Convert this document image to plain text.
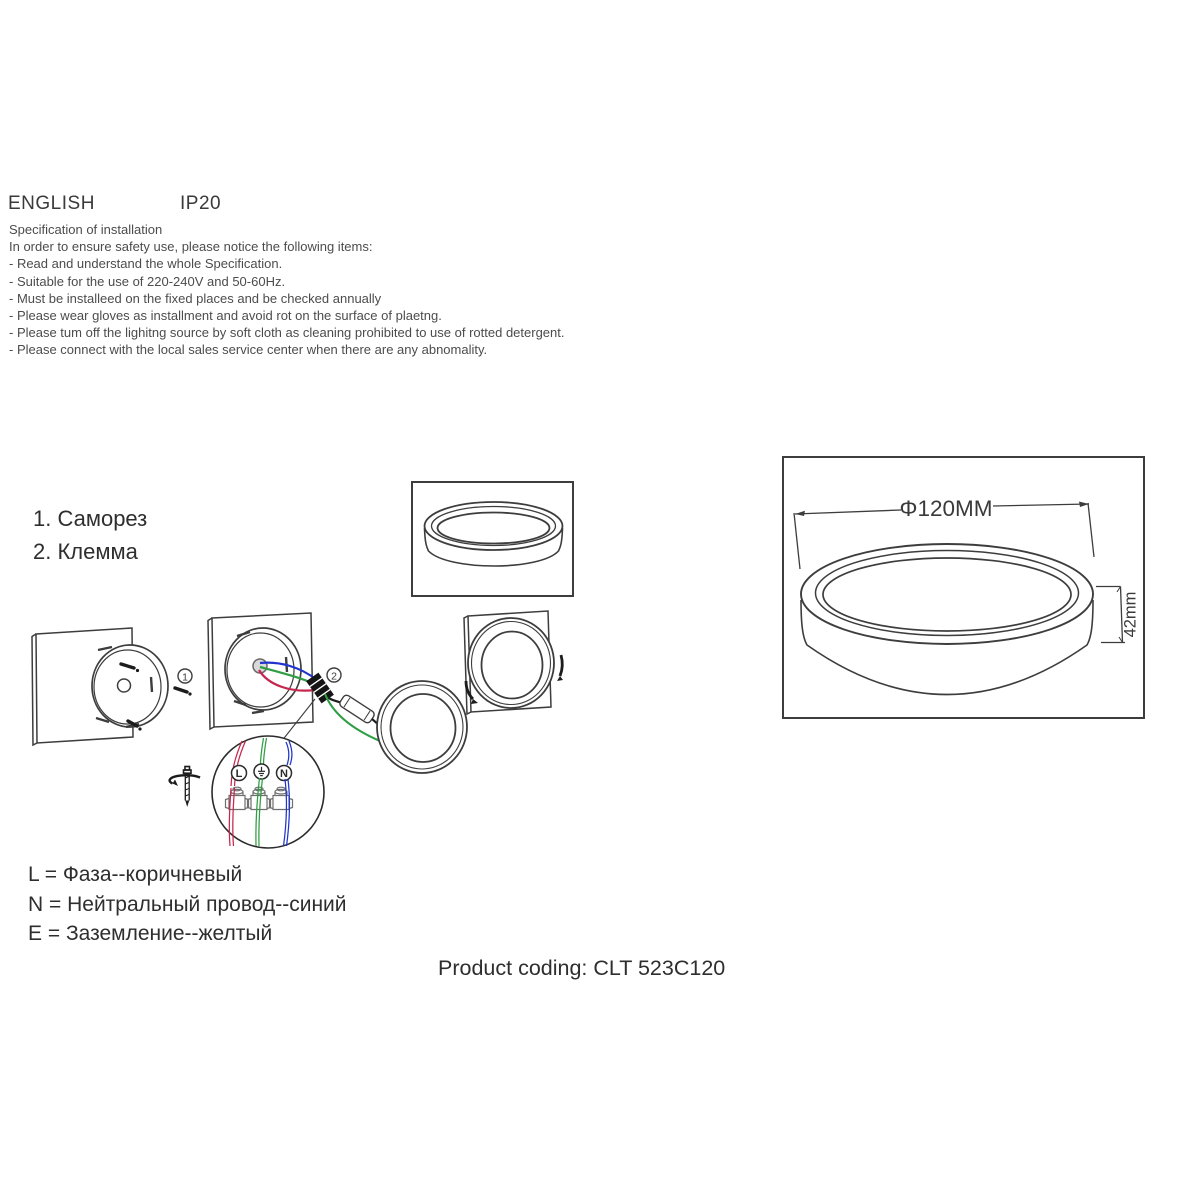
ENGLISH	IP20
Specification of installation
In order to ensure safety use, please notice the following items:
- Read and understand the whole Specification.
- Suitable for the use of 220-240V and 50-60Hz.
- Must be installeed on the fixed places and be checked annually
- Please wear gloves as installment and avoid rot on the surface of plaetng.
- Please tum off the lighitng source by soft cloth as cleaning prohibited to use of rotted detergent.
- Please connect with the local sales service center when there are any abnomality.
1. Саморез
2. Клемма
1	2
L	N
Φ120MM
42mm
L = Фаза--коричневый
N = Нейтральный провод--синий
E = Заземление--желтый
Product coding: CLT 523C120
